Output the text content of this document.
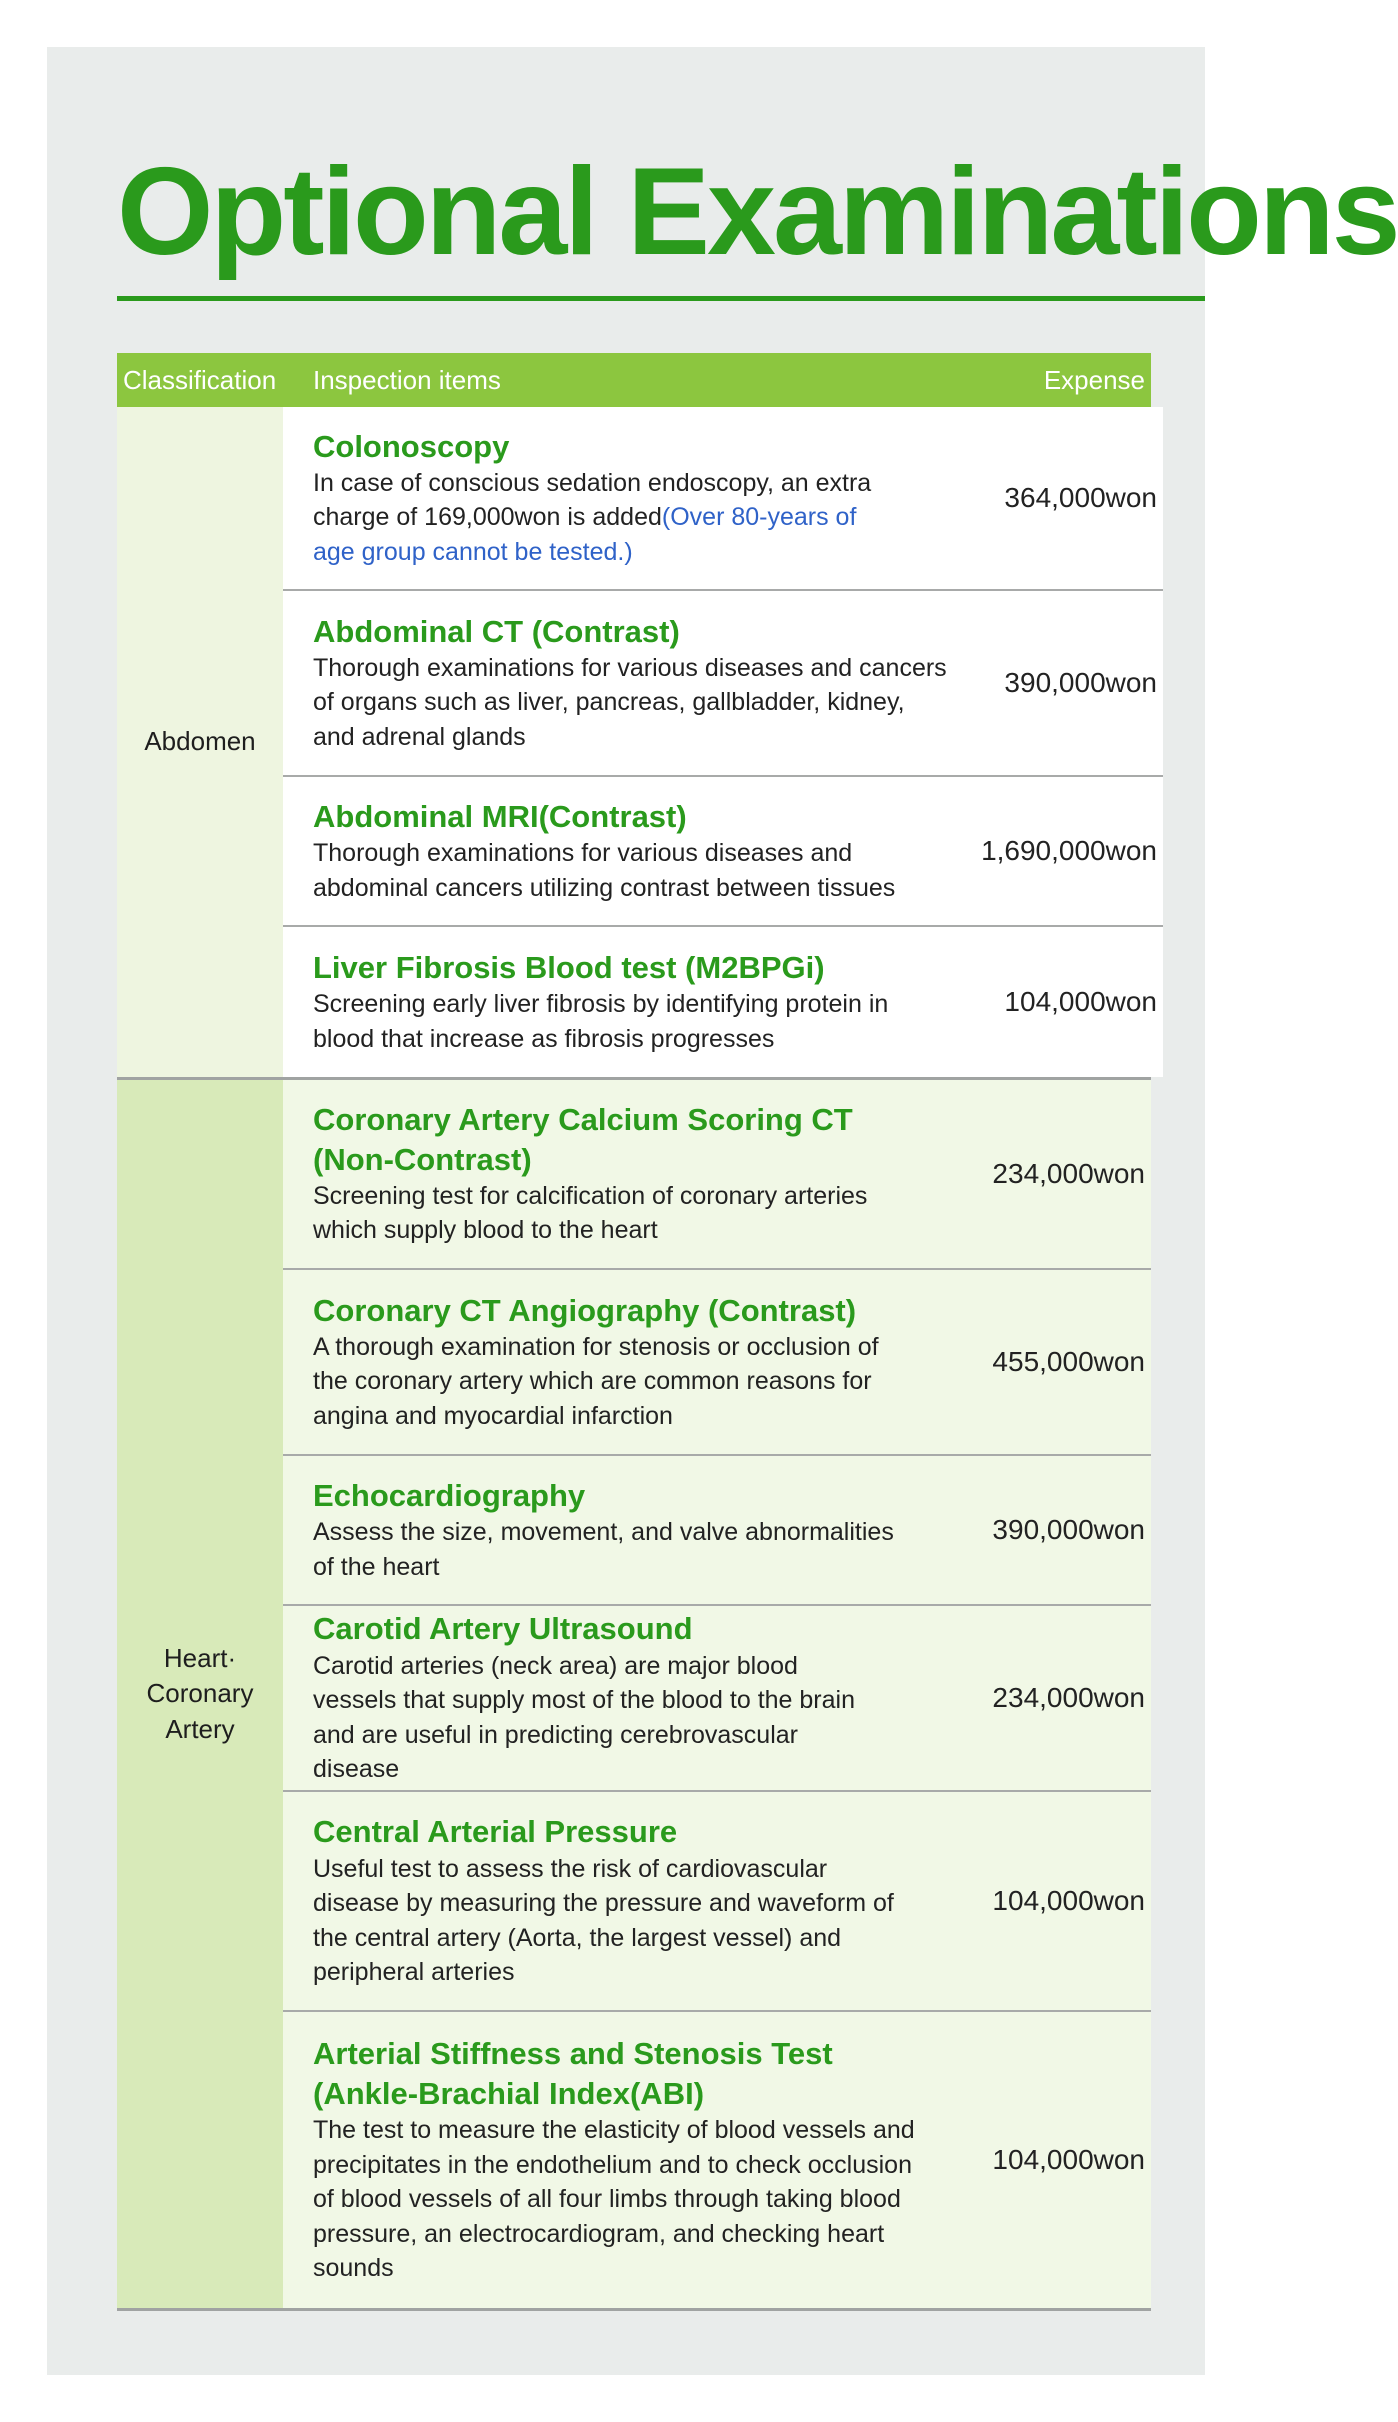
Optional Examinations
Classification	Inspection items	Expense
Abdomen
Colonoscopy
In case of conscious sedation endoscopy, an extra charge of 169,000won is added(Over 80-years of age group cannot be tested.)
364,000won
Abdominal CT (Contrast)
Thorough examinations for various diseases and cancers of organs such as liver, pancreas, gallbladder, kidney, and adrenal glands
390,000won
Abdominal MRI(Contrast)
Thorough examinations for various diseases and abdominal cancers utilizing contrast between tissues
1,690,000won
Liver Fibrosis Blood test (M2BPGi)
Screening early liver fibrosis by identifying protein in blood that increase as fibrosis progresses
104,000won
Heart· Coronary Artery
Coronary Artery Calcium Scoring CT (Non-Contrast)
Screening test for calcification of coronary arteries which supply blood to the heart
234,000won
Coronary CT Angiography (Contrast)
A thorough examination for stenosis or occlusion of the coronary artery which are common reasons for angina and myocardial infarction
455,000won
Echocardiography
Assess the size, movement, and valve abnormalities of the heart
390,000won
Carotid Artery Ultrasound
Carotid arteries (neck area) are major blood vessels that supply most of the blood to the brain and are useful in predicting cerebrovascular disease
234,000won
Central Arterial Pressure
Useful test to assess the risk of cardiovascular disease by measuring the pressure and waveform of the central artery (Aorta, the largest vessel) and peripheral arteries
104,000won
Arterial Stiffness and Stenosis Test (Ankle-Brachial Index(ABI)
The test to measure the elasticity of blood vessels and precipitates in the endothelium and to check occlusion of blood vessels of all four limbs through taking blood pressure, an electrocardiogram, and checking heart sounds
104,000won
